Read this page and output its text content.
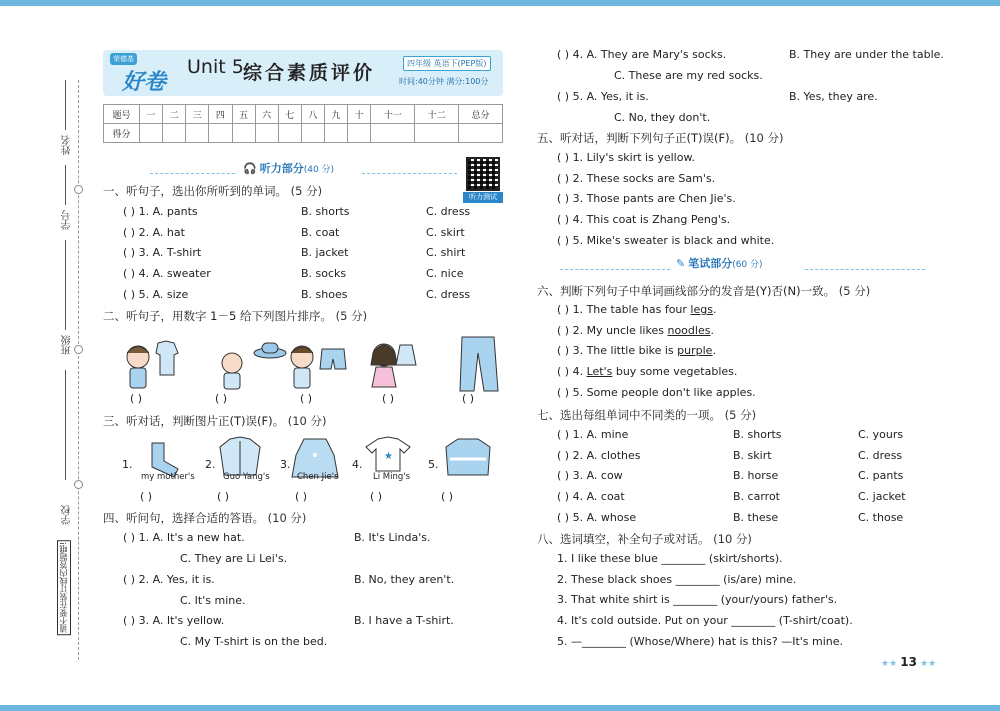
姓名
学号
班级
学校
请不要在装订线内答题哦!
荣德基
好卷
Unit 5 综合素质评价	四年级 英语下(PEP版)
时间:40分钟 满分:100分
题号	一	二	三	四	五	六	七	八	九	十	十一	十二	总分
得分													
🎧 听力部分(40 分)
听力测试
一、听句子，选出你所听到的单词。 (5 分)
( ) 1. A. pants	B. shorts	C. dress
( ) 2. A. hat	B. coat	C. skirt
( ) 3. A. T-shirt	B. jacket	C. shirt
( ) 4. A. sweater	B. socks	C. nice
( ) 5. A. size	B. shoes	C. dress
二、听句子，用数字 1－5 给下列图片排序。 (5 分)
( )	( )	( )	( )	( )
三、听对话，判断图片正(T)误(F)。 (10 分)
1.	2.	3.	4.	5.
★
my mother's	Guo Yang's	Chen Jie's	Li Ming's
( )	( )	( )	( )	( )
四、听问句，选择合适的答语。 (10 分)
( ) 1. A. It's a new hat.	B. It's Linda's.
C. They are Li Lei's.
( ) 2. A. Yes, it is.	B. No, they aren't.
C. It's mine.
( ) 3. A. It's yellow.	B. I have a T-shirt.
C. My T-shirt is on the bed.
( ) 4. A. They are Mary's socks.	B. They are under the table.
C. These are my red socks.
( ) 5. A. Yes, it is.	B. Yes, they are.
C. No, they don't.
五、听对话，判断下列句子正(T)误(F)。 (10 分)
( ) 1. Lily's skirt is yellow.
( ) 2. These socks are Sam's.
( ) 3. Those pants are Chen Jie's.
( ) 4. This coat is Zhang Peng's.
( ) 5. Mike's sweater is black and white.
✎ 笔试部分(60 分)
六、判断下列句子中单词画线部分的发音是(Y)否(N)一致。 (5 分)
( ) 1. The table has four legs.
( ) 2. My uncle likes noodles.
( ) 3. The little bike is purple.
( ) 4. Let's buy some vegetables.
( ) 5. Some people don't like apples.
七、选出每组单词中不同类的一项。 (5 分)
( ) 1. A. mine	B. shorts	C. yours
( ) 2. A. clothes	B. skirt	C. dress
( ) 3. A. cow	B. horse	C. pants
( ) 4. A. coat	B. carrot	C. jacket
( ) 5. A. whose	B. these	C. those
八、选词填空，补全句子或对话。 (10 分)
1. I like these blue ________ (skirt/shorts).
2. These black shoes ________ (is/are) mine.
3. That white shirt is ________ (your/yours) father's.
4. It's cold outside. Put on your ________ (T-shirt/coat).
5. —________ (Whose/Where) hat is this? —It's mine.
★★ 13 ★★
